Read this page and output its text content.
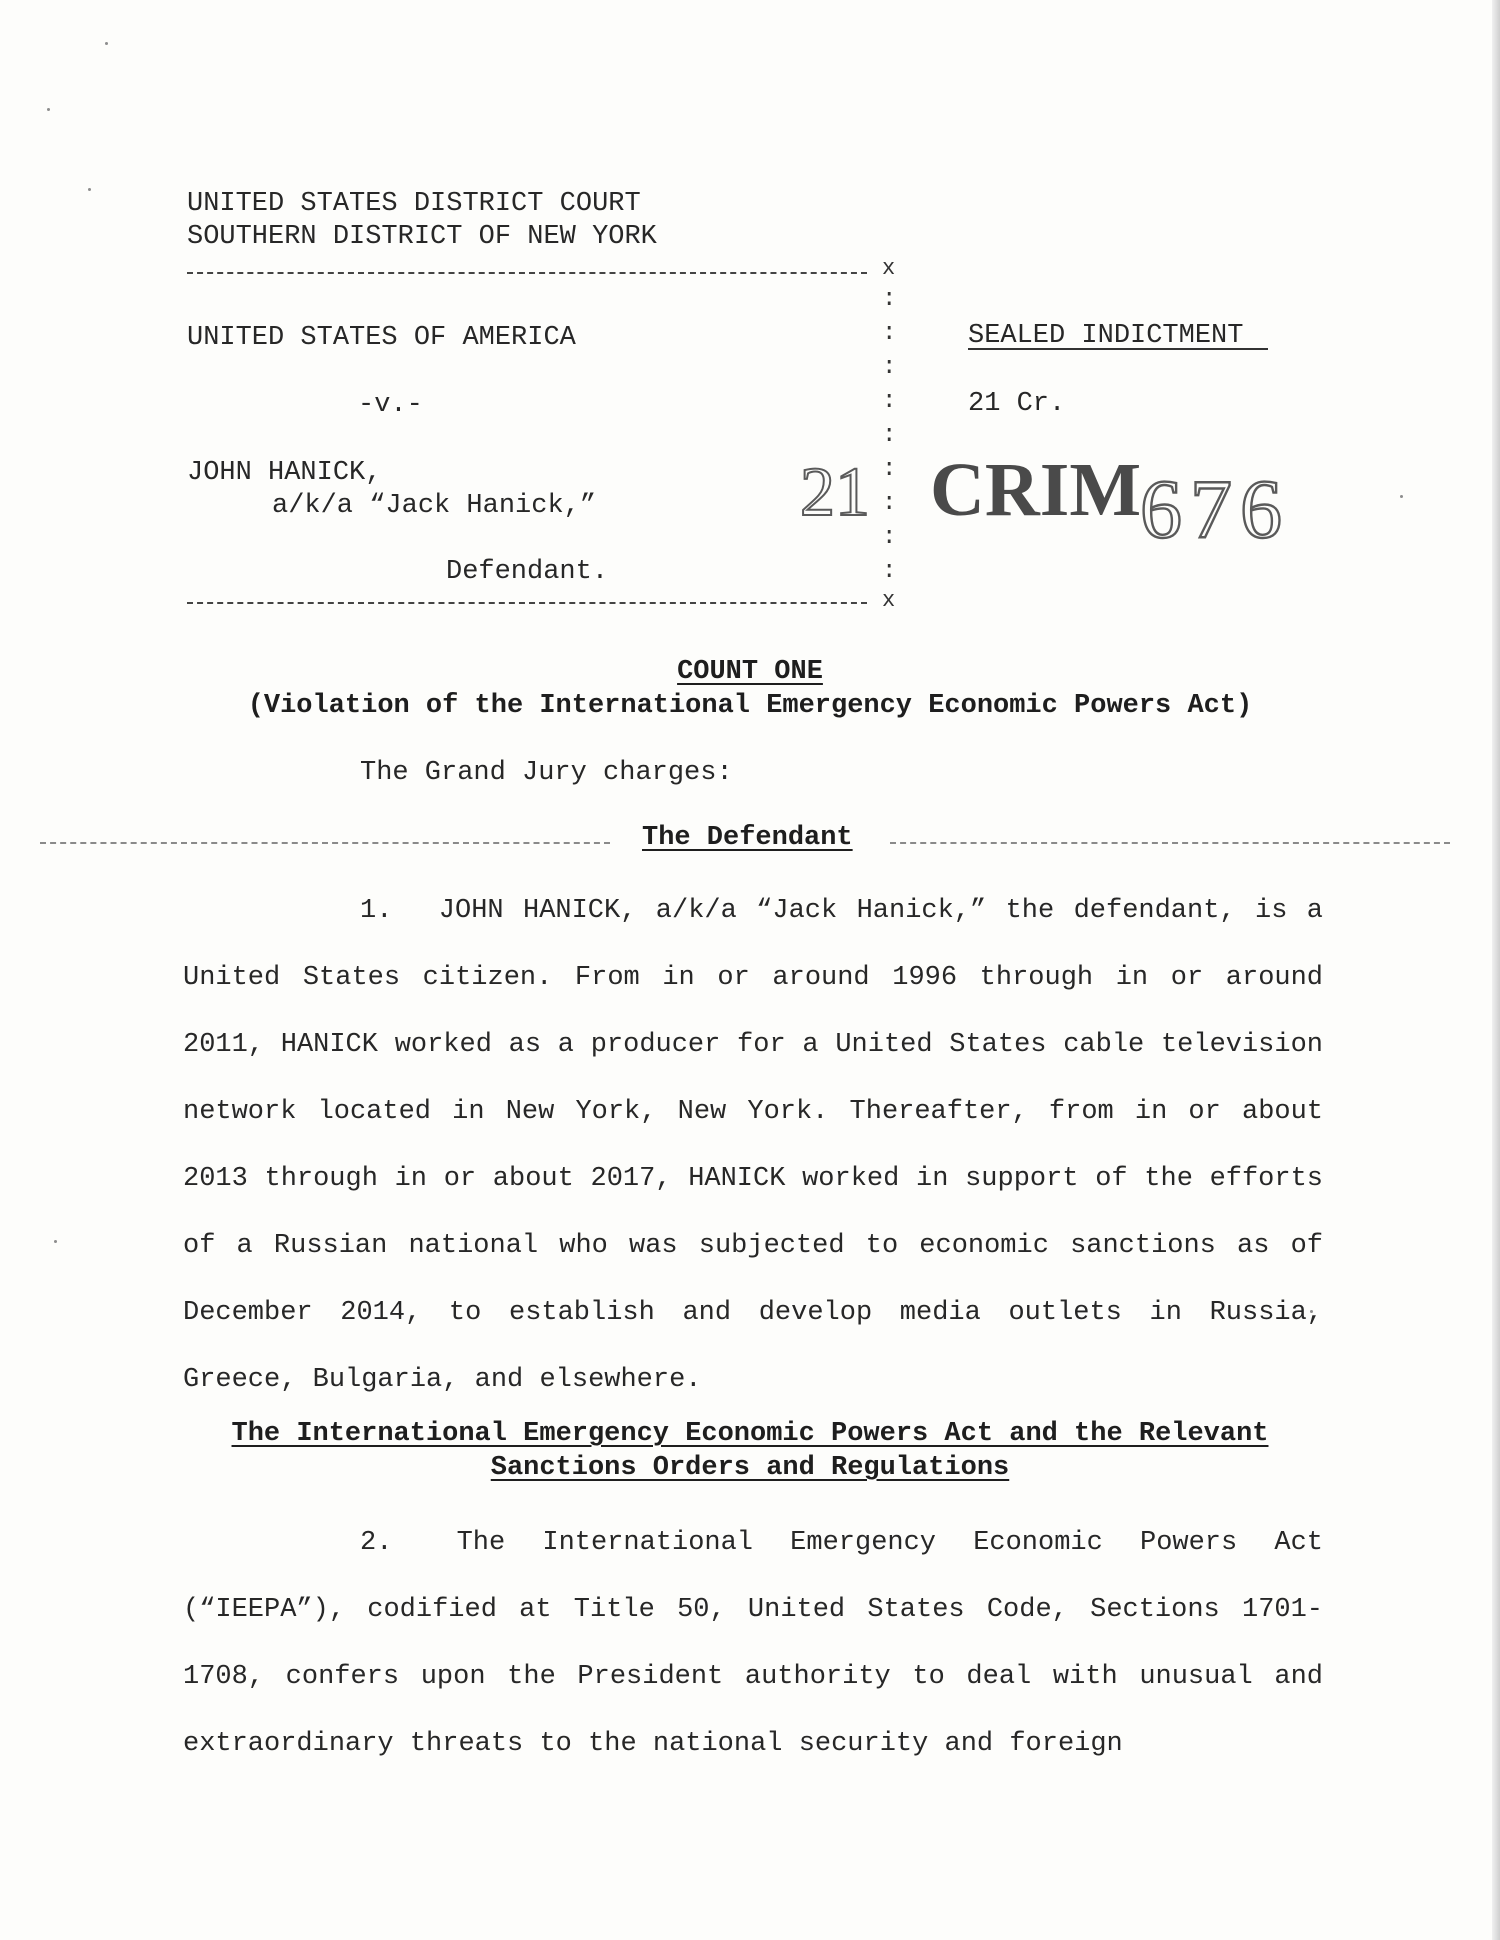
UNITED STATES DISTRICT COURT
SOUTHERN DISTRICT OF NEW YORK
x
:
:
:
:
:
:
:
:
:
UNITED STATES OF AMERICA
-v.-
JOHN HANICK,
a/k/a “Jack Hanick,”
Defendant.
SEALED INDICTMENT
21 Cr.
21 CRIM
676
x
COUNT ONE
(Violation of the International Emergency Economic Powers Act)
The Grand Jury charges:
The Defendant
1.  JOHN HANICK, a/k/a “Jack Hanick,” the defendant, is a United States citizen. From in or around 1996 through in or around 2011, HANICK worked as a producer for a United States cable television network located in New York, New York. Thereafter, from in or about 2013 through in or about 2017, HANICK worked in support of the efforts of a Russian national who was subjected to economic sanctions as of December 2014, to establish and develop media outlets in Russia, Greece, Bulgaria, and elsewhere.
The International Emergency Economic Powers Act and the Relevant
Sanctions Orders and Regulations
2.  The International Emergency Economic Powers Act (“IEEPA”), codified at Title 50, United States Code, Sections 1701-1708, confers upon the President authority to deal with unusual and extraordinary threats to the national security and foreign
